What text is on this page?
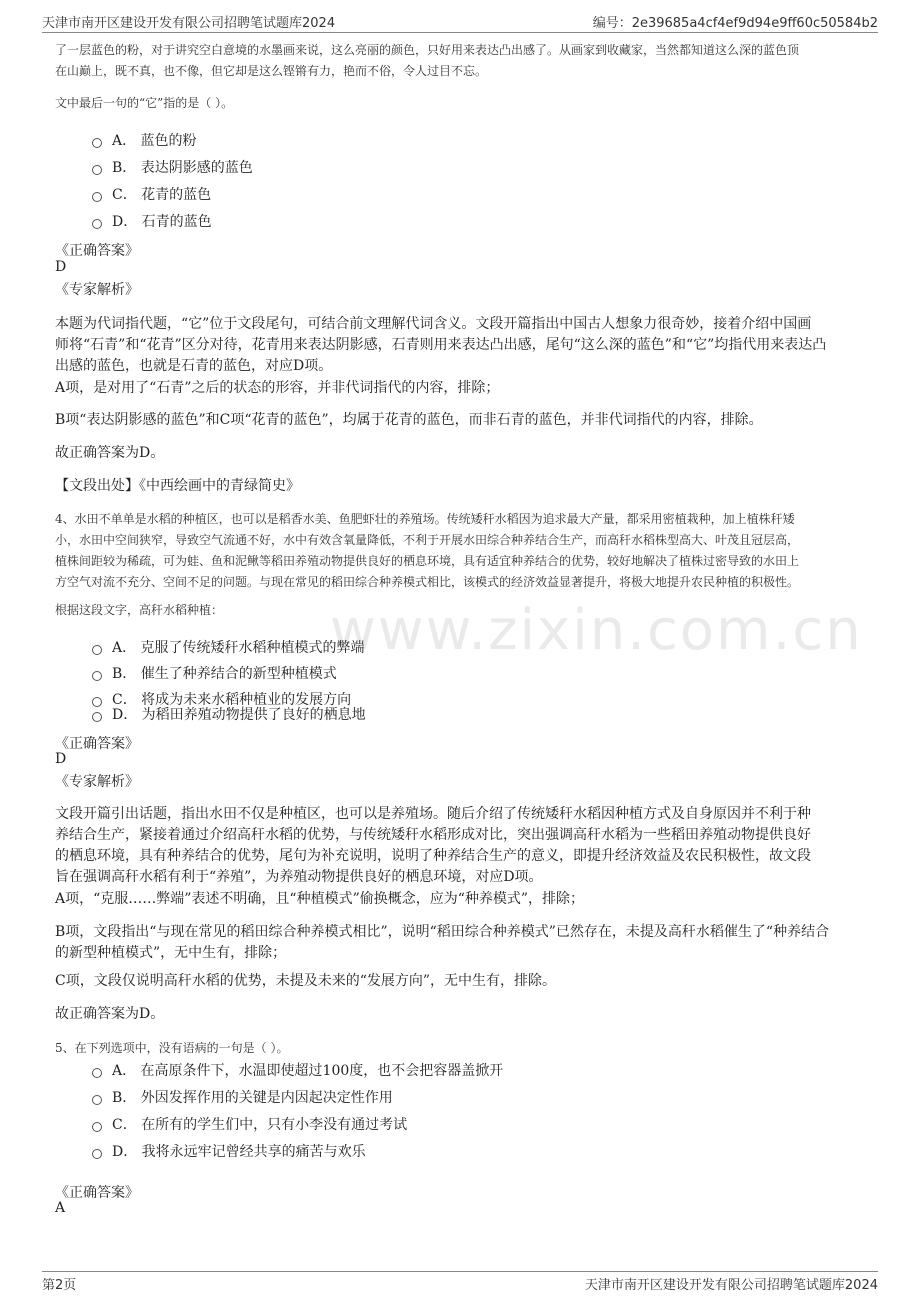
天津市南开区建设开发有限公司招聘笔试题库2024	编号：2e39685a4cf4ef9d94e9ff60c50584b2
www.zixin.com.cn
了一层蓝色的粉，对于讲究空白意境的水墨画来说，这么亮丽的颜色，只好用来表达凸出感了。从画家到收藏家，当然都知道这么深的蓝色顶
在山巅上，既不真，也不像，但它却是这么铿锵有力，艳而不俗，令人过目不忘。
文中最后一句的“它”指的是（ ）。
A． 蓝色的粉
B． 表达阴影感的蓝色
C． 花青的蓝色
D． 石青的蓝色
《正确答案》
D
《专家解析》
本题为代词指代题，“它”位于文段尾句，可结合前文理解代词含义。文段开篇指出中国古人想象力很奇妙，接着介绍中国画
师将“石青”和“花青”区分对待，花青用来表达阴影感，石青则用来表达凸出感，尾句“这么深的蓝色”和“它”均指代用来表达凸
出感的蓝色，也就是石青的蓝色，对应D项。
A项，是对用了“石青”之后的状态的形容，并非代词指代的内容，排除；
B项“表达阴影感的蓝色”和C项“花青的蓝色”，均属于花青的蓝色，而非石青的蓝色，并非代词指代的内容，排除。
故正确答案为D。
【文段出处】《中西绘画中的青绿简史》
4、水田不单单是水稻的种植区，也可以是稻香水美、鱼肥虾壮的养殖场。传统矮秆水稻因为追求最大产量，都采用密植栽种，加上植株秆矮
小，水田中空间狭窄，导致空气流通不好，水中有效含氧量降低，不利于开展水田综合种养结合生产，而高秆水稻株型高大、叶茂且冠层高，
植株间距较为稀疏，可为蛙、鱼和泥鳅等稻田养殖动物提供良好的栖息环境，具有适宜种养结合的优势，较好地解决了植株过密导致的水田上
方空气对流不充分、空间不足的问题。与现在常见的稻田综合种养模式相比，该模式的经济效益显著提升，将极大地提升农民种植的积极性。
根据这段文字，高秆水稻种植：
A． 克服了传统矮秆水稻种植模式的弊端
B． 催生了种养结合的新型种植模式
C． 将成为未来水稻种植业的发展方向
D． 为稻田养殖动物提供了良好的栖息地
《正确答案》
D
《专家解析》
文段开篇引出话题，指出水田不仅是种植区，也可以是养殖场。随后介绍了传统矮秆水稻因种植方式及自身原因并不利于种
养结合生产，紧接着通过介绍高秆水稻的优势，与传统矮秆水稻形成对比，突出强调高秆水稻为一些稻田养殖动物提供良好
的栖息环境，具有种养结合的优势，尾句为补充说明，说明了种养结合生产的意义，即提升经济效益及农民积极性，故文段
旨在强调高秆水稻有利于“养殖”，为养殖动物提供良好的栖息环境，对应D项。
A项，“克服……弊端”表述不明确，且“种植模式”偷换概念，应为“种养模式”，排除；
B项，文段指出“与现在常见的稻田综合种养模式相比”，说明“稻田综合种养模式”已然存在，未提及高秆水稻催生了“种养结合
的新型种植模式”，无中生有，排除；
C项，文段仅说明高秆水稻的优势，未提及未来的“发展方向”，无中生有，排除。
故正确答案为D。
5、在下列选项中，没有语病的一句是（ ）。
A． 在高原条件下，水温即使超过100度，也不会把容器盖掀开
B． 外因发挥作用的关键是内因起决定性作用
C． 在所有的学生们中，只有小李没有通过考试
D． 我将永远牢记曾经共享的痛苦与欢乐
《正确答案》
A
第2页	天津市南开区建设开发有限公司招聘笔试题库2024
